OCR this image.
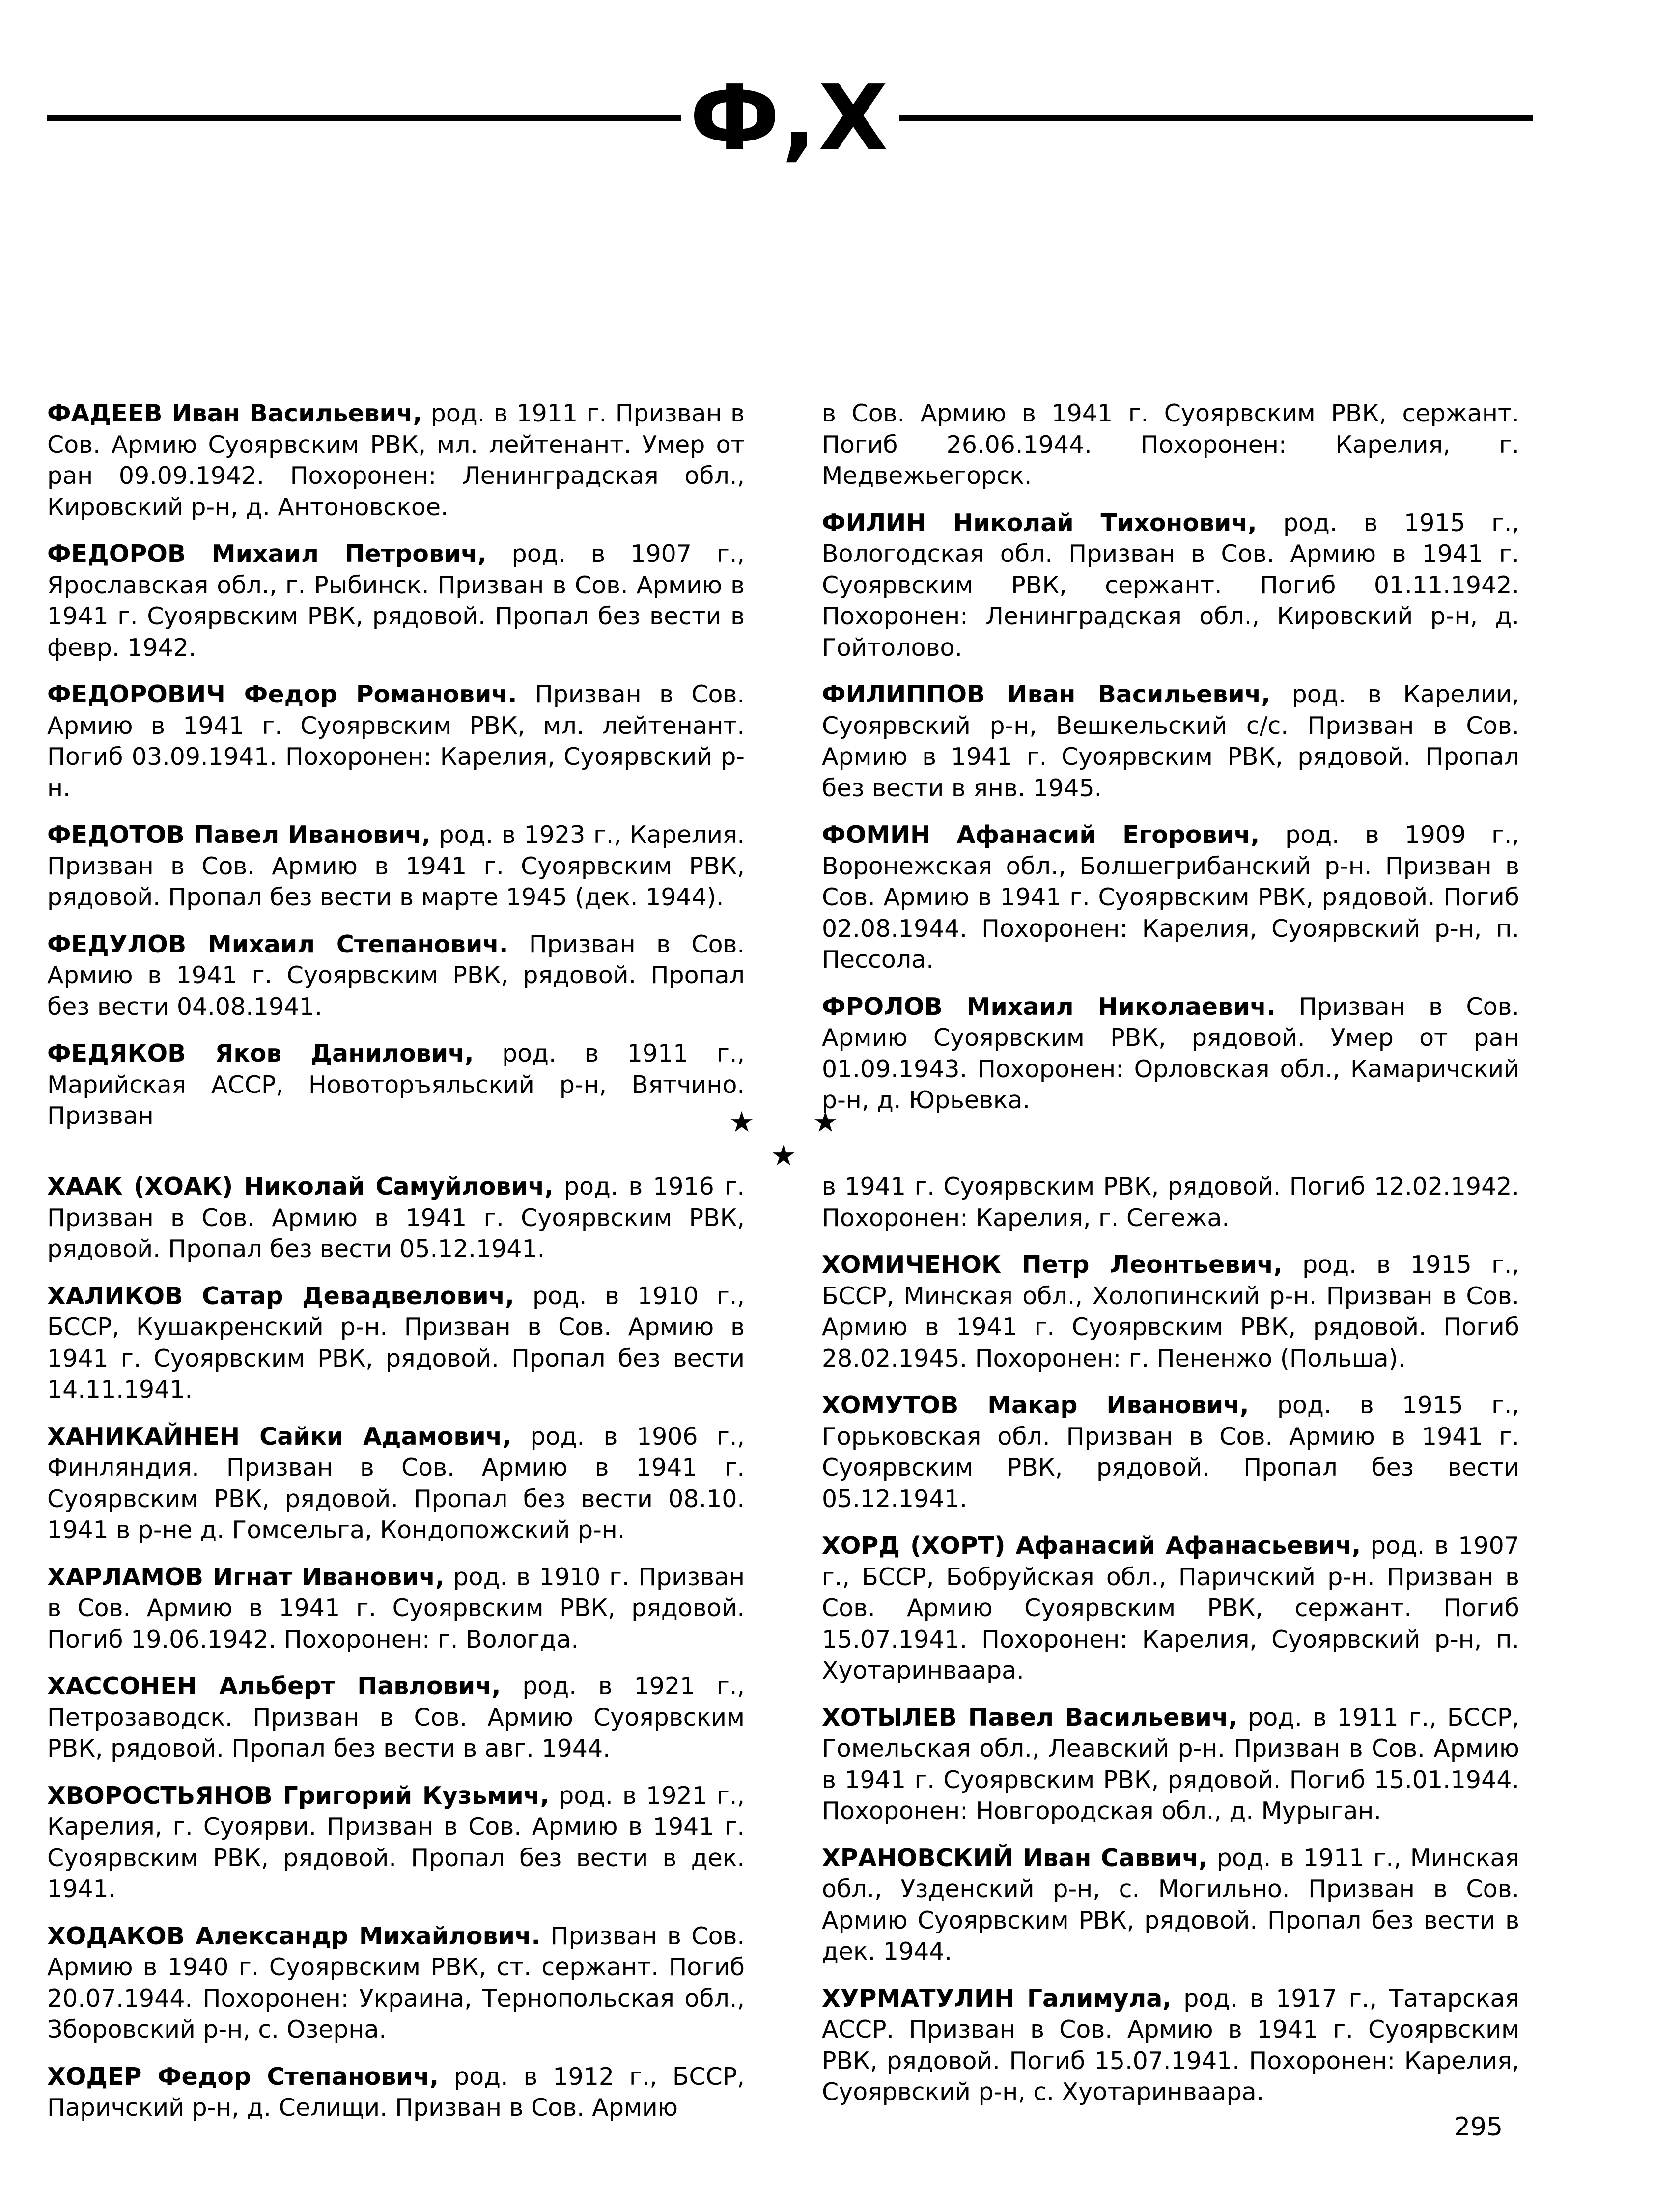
Ф,Х

ФАДЕЕВ Иван Васильевич, род. в 1911 г. Призван в Сов. Армию Суоярвским РВК, мл. лейтенант. Умер от ран 09.09.1942. Похоронен: Ленинградская обл., Кировский р-н, д. Антоновское.

ФЕДОРОВ Михаил Петрович, род. в 1907 г., Ярославская обл., г. Рыбинск. Призван в Сов. Армию в 1941 г. Суоярвским РВК, рядовой. Пропал без вести в февр. 1942.

ФЕДОРОВИЧ Федор Романович. Призван в Сов. Армию в 1941 г. Суоярвским РВК, мл. лейтенант. Погиб 03.09.1941. Похоронен: Карелия, Суоярвский р-н.

ФЕДОТОВ Павел Иванович, род. в 1923 г., Карелия. Призван в Сов. Армию в 1941 г. Суоярвским РВК, рядовой. Пропал без вести в марте 1945 (дек. 1944).

ФЕДУЛОВ Михаил Степанович. Призван в Сов. Армию в 1941 г. Суоярвским РВК, рядовой. Пропал без вести 04.08.1941.

ФЕДЯКОВ Яков Данилович, род. в 1911 г., Марийская АССР, Новоторъяльский р-н, Вятчино. Призван

в Сов. Армию в 1941 г. Суоярвским РВК, сержант. Погиб 26.06.1944. Похоронен: Карелия, г. Медвежьегорск.

ФИЛИН Николай Тихонович, род. в 1915 г., Вологодская обл. Призван в Сов. Армию в 1941 г. Суоярвским РВК, сержант. Погиб 01.11.1942. Похоронен: Ленинградская обл., Кировский р-н, д. Гойтолово.

ФИЛИППОВ Иван Васильевич, род. в Карелии, Суоярвский р-н, Вешкельский с/с. Призван в Сов. Армию в 1941 г. Суоярвским РВК, рядовой. Пропал без вести в янв. 1945.

ФОМИН Афанасий Егорович, род. в 1909 г., Воронежская обл., Болшегрибанский р-н. Призван в Сов. Армию в 1941 г. Суоярвским РВК, рядовой. Погиб 02.08.1944. Похоронен: Карелия, Суоярвский р-н, п. Пессола.

ФРОЛОВ Михаил Николаевич. Призван в Сов. Армию Суоярвским РВК, рядовой. Умер от ран 01.09.1943. Похоронен: Орловская обл., Камаричский р-н, д. Юрьевка.

★ ★ ★

ХААК (ХОАК) Николай Самуйлович, род. в 1916 г. Призван в Сов. Армию в 1941 г. Суоярвским РВК, рядовой. Пропал без вести 05.12.1941.

ХАЛИКОВ Сатар Девадвелович, род. в 1910 г., БССР, Кушакренский р-н. Призван в Сов. Армию в 1941 г. Суоярвским РВК, рядовой. Пропал без вести 14.11.1941.

ХАНИКАЙНЕН Сайки Адамович, род. в 1906 г., Финляндия. Призван в Сов. Армию в 1941 г. Суоярвским РВК, рядовой. Пропал без вести 08.10. 1941 в р-не д. Гомсельга, Кондопожский р-н.

ХАРЛАМОВ Игнат Иванович, род. в 1910 г. Призван в Сов. Армию в 1941 г. Суоярвским РВК, рядовой. Погиб 19.06.1942. Похоронен: г. Вологда.

ХАССОНЕН Альберт Павлович, род. в 1921 г., Петрозаводск. Призван в Сов. Армию Суоярвским РВК, рядовой. Пропал без вести в авг. 1944.

ХВОРОСТЬЯНОВ Григорий Кузьмич, род. в 1921 г., Карелия, г. Суоярви. Призван в Сов. Армию в 1941 г. Суоярвским РВК, рядовой. Пропал без вести в дек. 1941.

ХОДАКОВ Александр Михайлович. Призван в Сов. Армию в 1940 г. Суоярвским РВК, ст. сержант. Погиб 20.07.1944. Похоронен: Украина, Тернопольская обл., Зборовский р-н, с. Озерна.

ХОДЕР Федор Степанович, род. в 1912 г., БССР, Паричский р-н, д. Селищи. Призван в Сов. Армию

в 1941 г. Суоярвским РВК, рядовой. Погиб 12.02.1942. Похоронен: Карелия, г. Сегежа.

ХОМИЧЕНОК Петр Леонтьевич, род. в 1915 г., БССР, Минская обл., Холопинский р-н. Призван в Сов. Армию в 1941 г. Суоярвским РВК, рядовой. Погиб 28.02.1945. Похоронен: г. Пененжо (Польша).

ХОМУТОВ Макар Иванович, род. в 1915 г., Горьковская обл. Призван в Сов. Армию в 1941 г. Суоярвским РВК, рядовой. Пропал без вести 05.12.1941.

ХОРД (ХОРТ) Афанасий Афанасьевич, род. в 1907 г., БССР, Бобруйская обл., Паричский р-н. Призван в Сов. Армию Суоярвским РВК, сержант. Погиб 15.07.1941. Похоронен: Карелия, Суоярвский р-н, п. Хуотаринваара.

ХОТЫЛЕВ Павел Васильевич, род. в 1911 г., БССР, Гомельская обл., Леавский р-н. Призван в Сов. Армию в 1941 г. Суоярвским РВК, рядовой. Погиб 15.01.1944. Похоронен: Новгородская обл., д. Мурыган.

ХРАНОВСКИЙ Иван Саввич, род. в 1911 г., Минская обл., Узденский р-н, с. Могильно. Призван в Сов. Армию Суоярвским РВК, рядовой. Пропал без вести в дек. 1944.

ХУРМАТУЛИН Галимула, род. в 1917 г., Татарская АССР. Призван в Сов. Армию в 1941 г. Суоярвским РВК, рядовой. Погиб 15.07.1941. Похоронен: Карелия, Суоярвский р-н, с. Хуотаринваара.

295
